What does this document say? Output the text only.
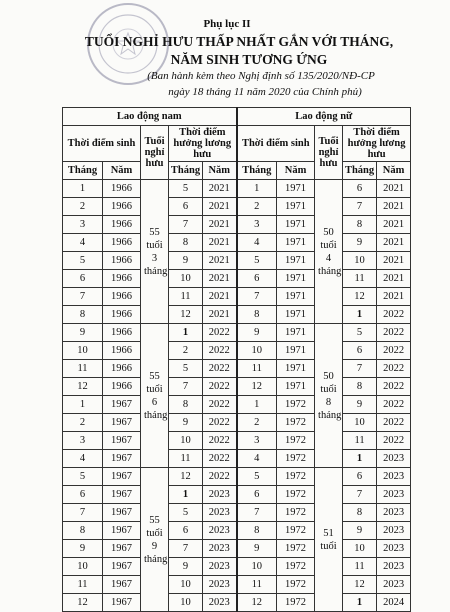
Phụ lục II
TUỔI NGHỈ HƯU THẤP NHẤT GẮN VỚI THÁNG,
NĂM SINH TƯƠNG ỨNG
(Ban hành kèm theo Nghị định số 135/2020/NĐ-CP
ngày 18 tháng 11 năm 2020 của Chính phủ)
Lao động nam					Lao động nữ				
Thời điểm sinh		Tuổi nghỉ hưu	Thời điểm hưởng lương hưu		Thời điểm sinh		Tuổi nghỉ hưu	Thời điểm hưởng lương hưu	
Tháng	Năm		Tháng	Năm	Tháng	Năm		Tháng	Năm
1	1966	55 tuổi 3 tháng	5	2021	1	1971	50 tuổi 4 tháng	6	2021
2	1966		6	2021	2	1971		7	2021
3	1966		7	2021	3	1971		8	2021
4	1966		8	2021	4	1971		9	2021
5	1966		9	2021	5	1971		10	2021
6	1966		10	2021	6	1971		11	2021
7	1966		11	2021	7	1971		12	2021
8	1966		12	2021	8	1971		1	2022
9	1966	55 tuổi 6 tháng	1	2022	9	1971	50 tuổi 8 tháng	5	2022
10	1966		2	2022	10	1971		6	2022
11	1966		5	2022	11	1971		7	2022
12	1966		7	2022	12	1971		8	2022
1	1967		8	2022	1	1972		9	2022
2	1967		9	2022	2	1972		10	2022
3	1967		10	2022	3	1972		11	2022
4	1967		11	2022	4	1972		1	2023
5	1967	55 tuổi 9 tháng	12	2022	5	1972	51 tuổi	6	2023
6	1967		1	2023	6	1972		7	2023
7	1967		5	2023	7	1972		8	2023
8	1967		6	2023	8	1972		9	2023
9	1967		7	2023	9	1972		10	2023
10	1967		9	2023	10	1972		11	2023
11	1967		10	2023	11	1972		12	2023
12	1967		10	2023	12	1972		1	2024
